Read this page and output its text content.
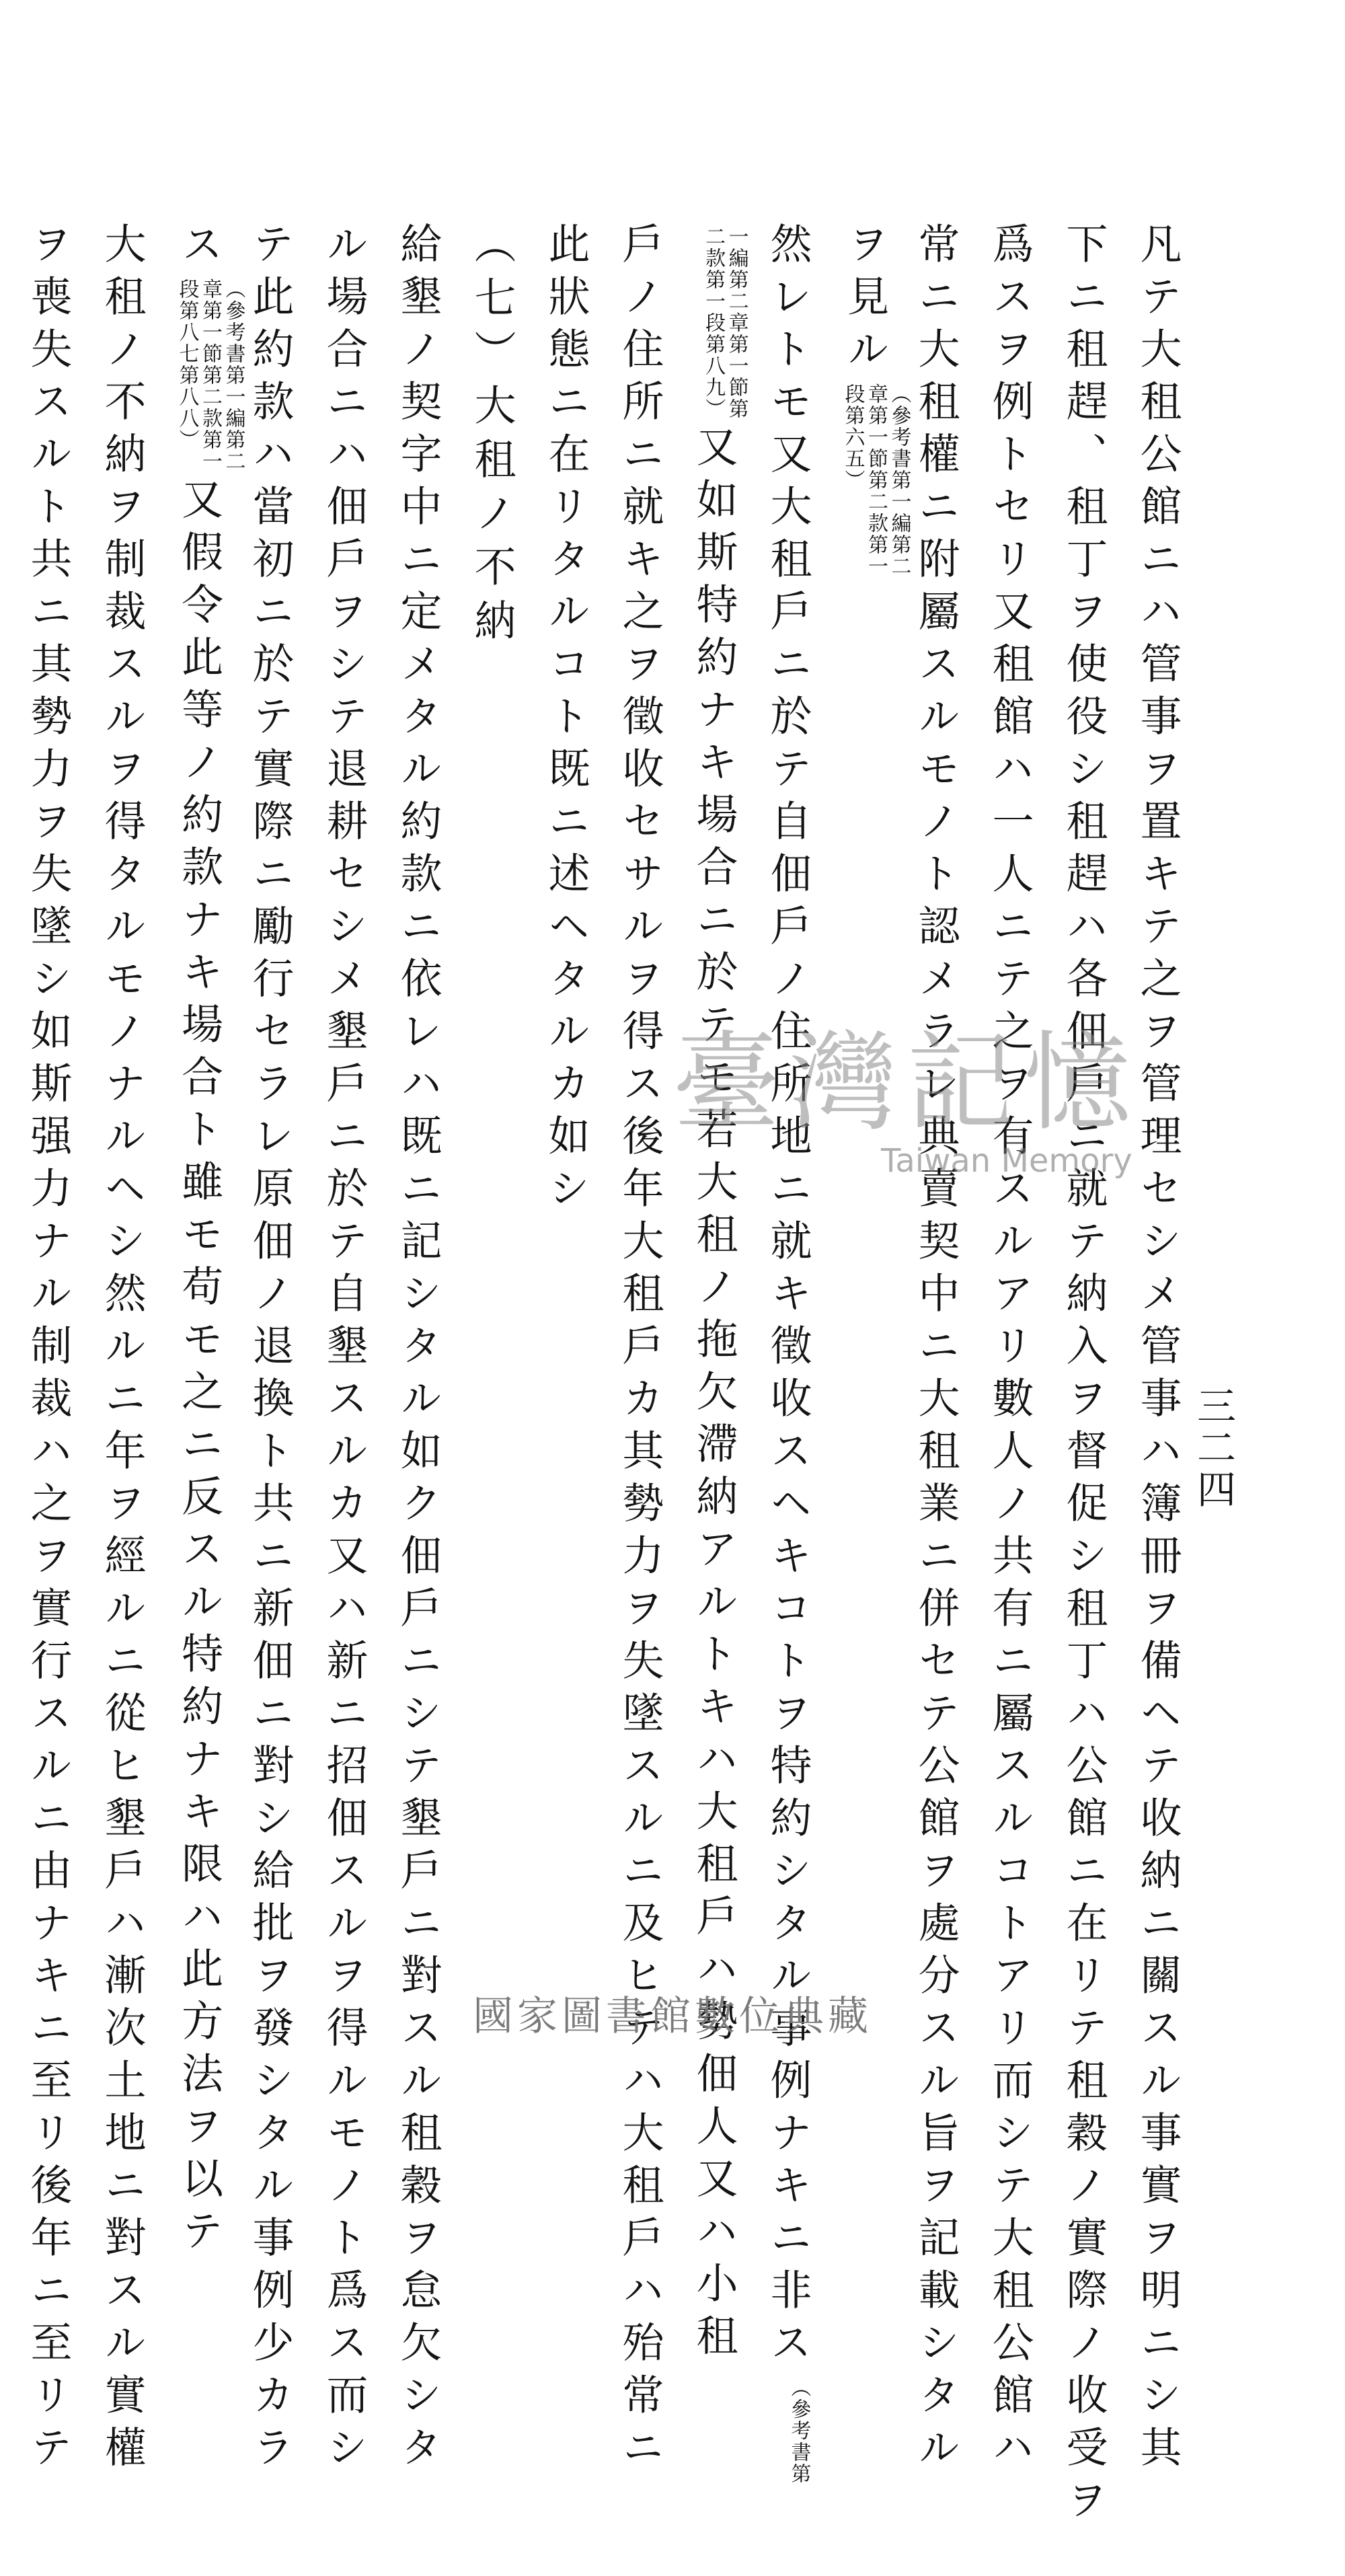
三二四
凡テ大租公館ニハ管事ヲ置キテ之ヲ管理セシメ管事ハ簿冊ヲ備ヘテ收納ニ關スル事實ヲ明ニシ其
下ニ租趕、租丁ヲ使役シ租趕ハ各佃戶ニ就テ納入ヲ督促シ租丁ハ公館ニ在リテ租穀ノ實際ノ收受ヲ
爲スヲ例トセリ又租館ハ一人ニテ之ヲ有スルアリ數人ノ共有ニ屬スルコトアリ而シテ大租公館ハ
常ニ大租權ニ附屬スルモノト認メラレ典賣契中ニ大租業ニ併セテ公館ヲ處分スル旨ヲ記載シタル
ヲ見ル（參考書第一編第二章第一節第二款第一段第六五）
然レトモ又大租戶ニ於テ自佃戶ノ住所地ニ就キ徵收スヘキコトヲ特約シタル事例ナキニ非ス（參考書第
一編第二章第一節第二款第一段第八九）又如斯特約ナキ場合ニ於テモ若大租ノ拖欠滯納アルトキハ大租戶ハ勢佃人又ハ小租
戶ノ住所ニ就キ之ヲ徵收セサルヲ得ス後年大租戶カ其勢力ヲ失墜スルニ及ヒテハ大租戶ハ殆常ニ
此狀態ニ在リタルコト既ニ述ヘタルカ如シ
（七）大租ノ不納
給墾ノ契字中ニ定メタル約款ニ依レハ既ニ記シタル如ク佃戶ニシテ墾戶ニ對スル租穀ヲ怠欠シタ
ル場合ニハ佃戶ヲシテ退耕セシメ墾戶ニ於テ自墾スルカ又ハ新ニ招佃スルヲ得ルモノト爲ス而シ
テ此約款ハ當初ニ於テ實際ニ勵行セラレ原佃ノ退換ト共ニ新佃ニ對シ給批ヲ發シタル事例少カラ
ス（參考書第一編第二章第一節第二款第一段第八七第八八）又假令此等ノ約款ナキ場合ト雖モ苟モ之ニ反スル特約ナキ限ハ此方法ヲ以テ
大租ノ不納ヲ制裁スルヲ得タルモノナルヘシ然ルニ年ヲ經ルニ從ヒ墾戶ハ漸次土地ニ對スル實權
ヲ喪失スルト共ニ其勢力ヲ失墜シ如斯强力ナル制裁ハ之ヲ實行スルニ由ナキニ至リ後年ニ至リテ	臺灣記憶
Taiwan Memory
國家圖書館數位典藏
